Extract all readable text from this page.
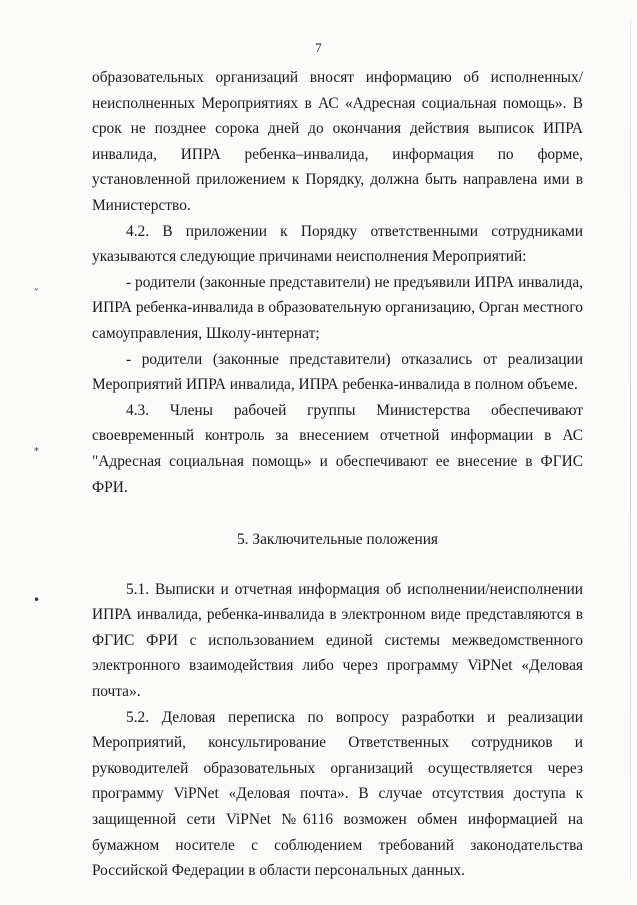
7
˅
⁎
•

образовательных организаций вносят информацию об исполненных/неисполненных Мероприятиях в АС «Адресная социальная помощь». В срок не позднее сорока дней до окончания действия выписок ИПРА инвалида, ИПРА ребенка–инвалида, информация по форме, установленной приложением к Порядку, должна быть направлена ими в Министерство.

4.2. В приложении к Порядку ответственными сотрудниками указываются следующие причинами неисполнения Мероприятий:

- родители (законные представители) не предъявили ИПРА инвалида, ИПРА ребенка-инвалида в образовательную организацию, Орган местного самоуправления, Школу-интернат;

- родители (законные представители) отказались от реализации Мероприятий ИПРА инвалида, ИПРА ребенка-инвалида в полном объеме.

4.3. Члены рабочей группы Министерства обеспечивают своевременный контроль за внесением отчетной информации в АС "Адресная социальная помощь» и обеспечивают ее внесение в ФГИС ФРИ.

5. Заключительные положения

5.1. Выписки и отчетная информация об исполнении/неисполнении ИПРА инвалида, ребенка-инвалида в электронном виде представляются в ФГИС ФРИ с использованием единой системы межведомственного электронного взаимодействия либо через программу ViPNet «Деловая почта».

5.2. Деловая переписка по вопросу разработки и реализации Мероприятий, консультирование Ответственных сотрудников и руководителей образовательных организаций осуществляется через программу ViPNet «Деловая почта». В случае отсутствия доступа к защищенной сети ViPNet №6116 возможен обмен информацией на бумажном носителе с соблюдением требований законодательства Российской Федерации в области персональных данных.
